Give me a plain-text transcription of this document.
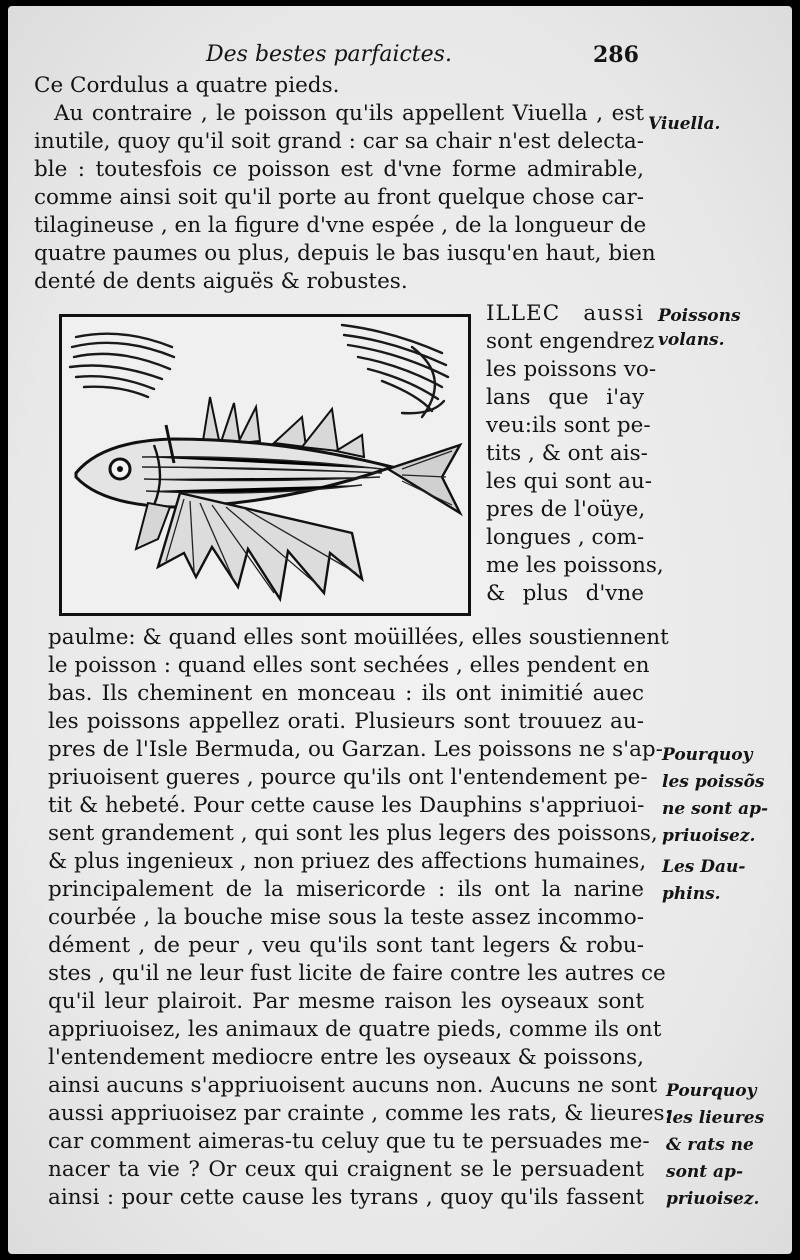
Des bestes parfaictes.	286

Ce Cordulus a quatre pieds.

Au contraire , le poisson qu'ils appellent Viuella , est

inutile, quoy qu'il soit grand : car sa chair n'est delecta-

ble : toutesfois ce poisson est d'vne forme admirable,

comme ainsi soit qu'il porte au front quelque chose car-

tilagineuse , en la figure d'vne espée , de la longueur de

quatre paumes ou plus, depuis le bas iusqu'en haut, bien

denté de dents aiguës & robustes.

ILLEC aussi

sont engendrez

les poissons vo-

lans que i'ay

veu:ils sont pe-

tits , & ont ais-

les qui sont au-

pres de l'oüye,

longues , com-

me les poissons,

& plus d'vne

paulme: & quand elles sont moüillées, elles soustiennent

le poisson : quand elles sont sechées , elles pendent en

bas. Ils cheminent en monceau : ils ont inimitié auec

les poissons appellez orati. Plusieurs sont trouuez au-

pres de l'Isle Bermuda, ou Garzan. Les poissons ne s'ap-

priuoisent gueres , pource qu'ils ont l'entendement pe-

tit & hebeté. Pour cette cause les Dauphins s'appriuoi-

sent grandement , qui sont les plus legers des poissons,

& plus ingenieux , non priuez des affections humaines,

principalement de la misericorde : ils ont la narine

courbée , la bouche mise sous la teste assez incommo-

dément , de peur , veu qu'ils sont tant legers & robu-

stes , qu'il ne leur fust licite de faire contre les autres ce

qu'il leur plairoit. Par mesme raison les oyseaux sont

appriuoisez, les animaux de quatre pieds, comme ils ont

l'entendement mediocre entre les oyseaux & poissons,

ainsi aucuns s'appriuoisent aucuns non. Aucuns ne sont

aussi appriuoisez par crainte , comme les rats, & lieures:

car comment aimeras-tu celuy que tu te persuades me-

nacer ta vie ? Or ceux qui craignent se le persuadent

ainsi : pour cette cause les tyrans , quoy qu'ils fassent

Viuella.
Poissons
volans.
Pourquoy
les poissõs
ne sont ap-
priuoisez.
Les Dau-
phins.
Pourquoy
les lieures
& rats ne
sont ap-
priuoisez.
